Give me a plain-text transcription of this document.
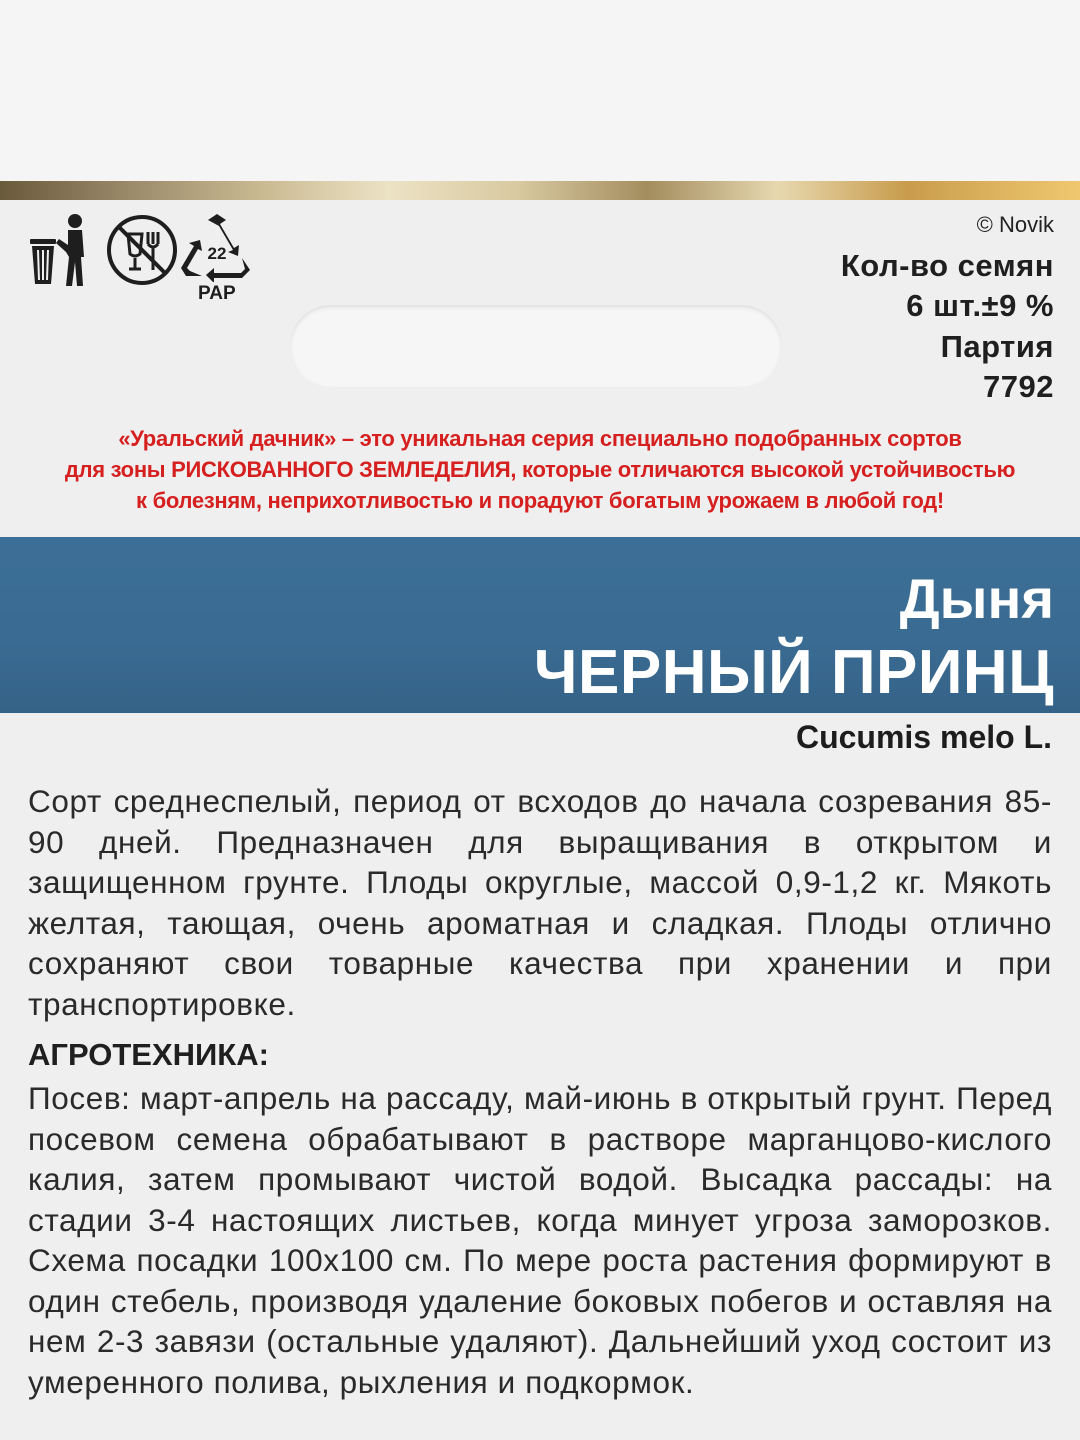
22
PAP
© Novik
Кол-во семян
6 шт.±9 %
Партия
7792
«Уральский дачник» – это уникальная серия специально подобранных сортов
для зоны РИСКОВАННОГО ЗЕМЛЕДЕЛИЯ, которые отличаются высокой устойчивостью
к болезням, неприхотливостью и порадуют богатым урожаем в любой год!
Дыня
ЧЕРНЫЙ ПРИНЦ
Cucumis melo L.
Сорт среднеспелый, период от всходов до начала созревания 85-90 дней. Предназначен для выращивания в открытом и защищенном грунте. Плоды округлые, массой 0,9-1,2 кг. Мякоть желтая, тающая, очень ароматная и сладкая. Плоды отлично сохраняют свои товарные качества при хранении и при транспортировке.
АГРОТЕХНИКА:
Посев: март-апрель на рассаду, май-июнь в открытый грунт. Перед посевом семена обрабатывают в растворе марганцово-кислого калия, затем промывают чистой водой. Высадка рассады: на стадии 3-4 настоящих листьев, когда минует угроза заморозков. Схема посадки 100х100 см. По мере роста растения формируют в один стебель, производя удаление боковых побегов и оставляя на нем 2-3 завязи (остальные удаляют). Дальнейший уход состоит из умеренного полива, рыхления и подкормок.
